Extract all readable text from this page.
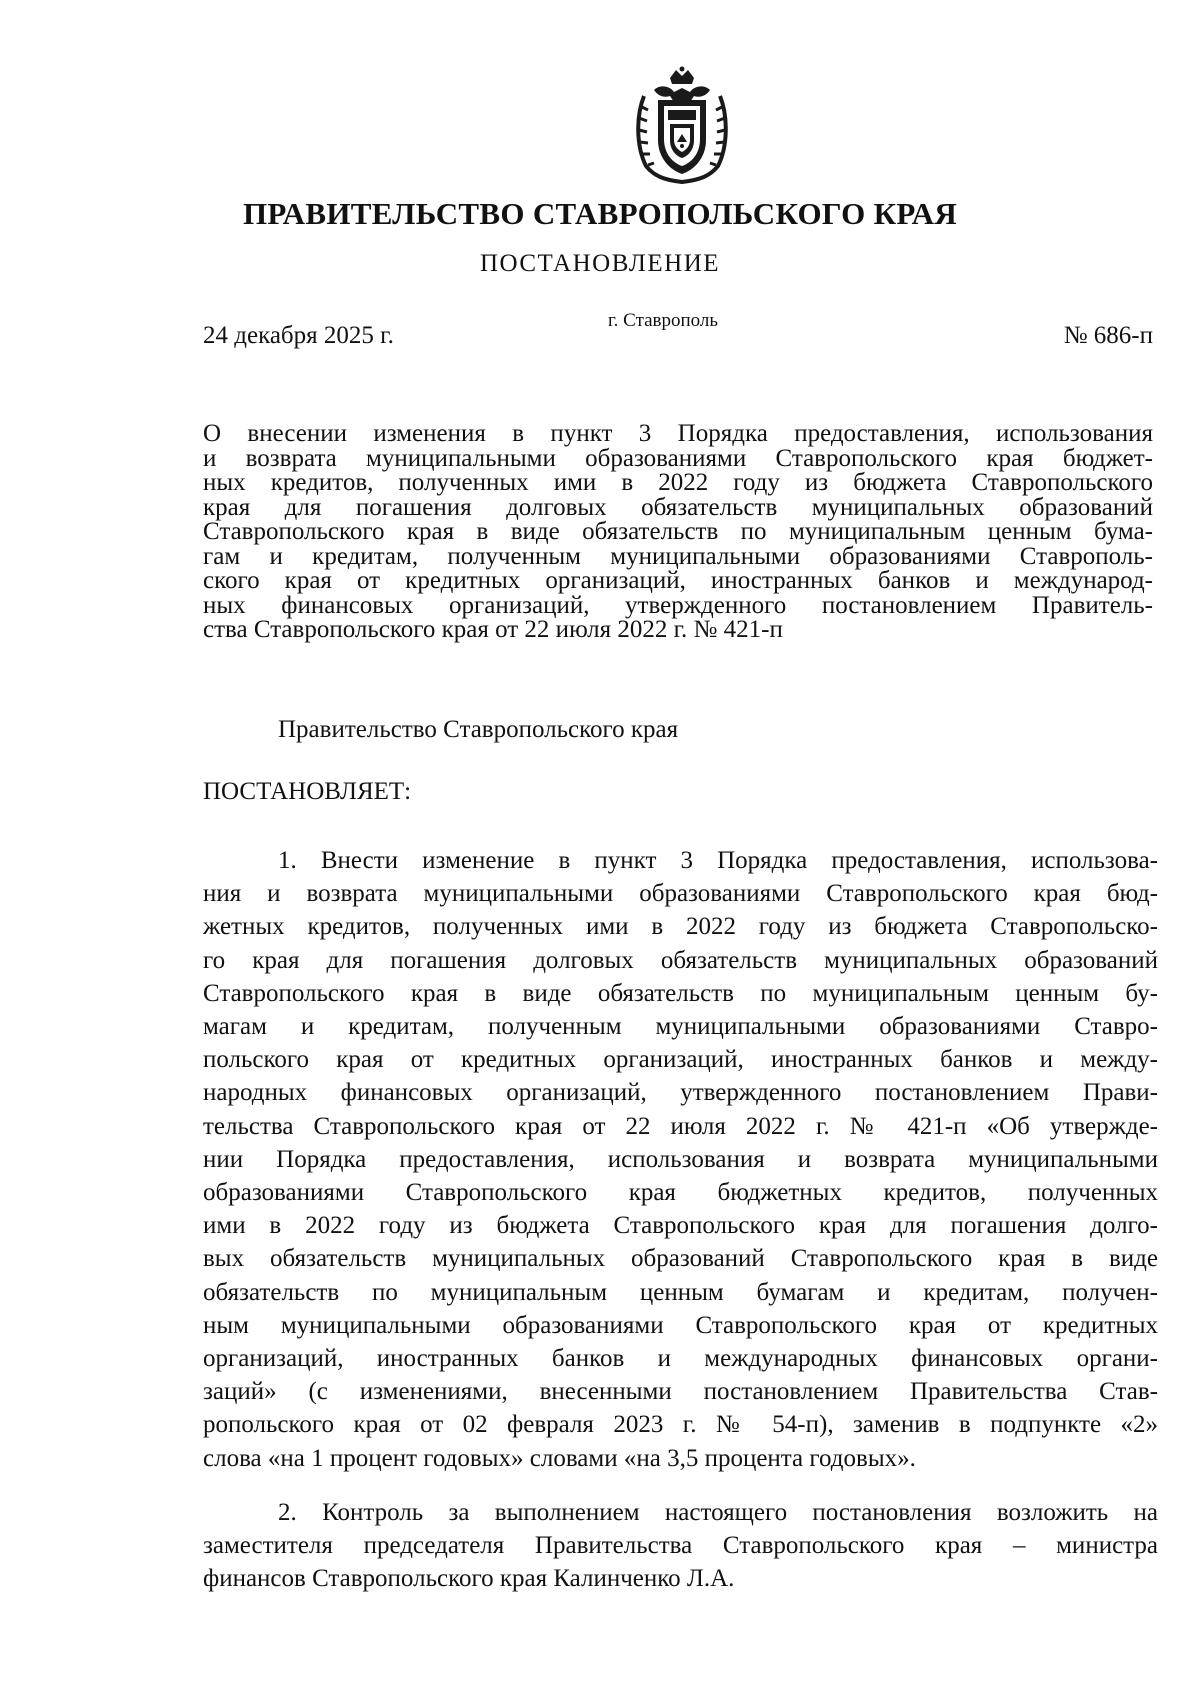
ПРАВИТЕЛЬСТВО СТАВРОПОЛЬСКОГО КРАЯ
ПОСТАНОВЛЕНИЕ
24 декабря 2025 г.
г. Ставрополь
№ 686-п
О внесении изменения в пункт 3 Порядка предоставления, использования
и возврата муниципальными образованиями Ставропольского края бюджет-
ных кредитов, полученных ими в 2022 году из бюджета Ставропольского
края для погашения долговых обязательств муниципальных образований
Ставропольского края в виде обязательств по муниципальным ценным бума-
гам и кредитам, полученным муниципальными образованиями Ставрополь-
ского края от кредитных организаций, иностранных банков и международ-
ных финансовых организаций, утвержденного постановлением Правитель-
ства Ставропольского края от 22 июля 2022 г. № 421-п
Правительство Ставропольского края
ПОСТАНОВЛЯЕТ:
1. Внести изменение в пункт 3 Порядка предоставления, использова-
ния и возврата муниципальными образованиями Ставропольского края бюд-
жетных кредитов, полученных ими в 2022 году из бюджета Ставропольско-
го края для погашения долговых обязательств муниципальных образований
Ставропольского края в виде обязательств по муниципальным ценным бу-
магам и кредитам, полученным муниципальными образованиями Ставро-
польского края от кредитных организаций, иностранных банков и между-
народных финансовых организаций, утвержденного постановлением Прави-
тельства Ставропольского края от 22 июля 2022 г. № 421-п «Об утвержде-
нии Порядка предоставления, использования и возврата муниципальными
образованиями Ставропольского края бюджетных кредитов, полученных
ими в 2022 году из бюджета Ставропольского края для погашения долго-
вых обязательств муниципальных образований Ставропольского края в виде
обязательств по муниципальным ценным бумагам и кредитам, получен-
ным муниципальными образованиями Ставропольского края от кредитных
организаций, иностранных банков и международных финансовых органи-
заций» (с изменениями, внесенными постановлением Правительства Став-
ропольского края от 02 февраля 2023 г. № 54-п), заменив в подпункте «2»
слова «на 1 процент годовых» словами «на 3,5 процента годовых».
2. Контроль за выполнением настоящего постановления возложить на
заместителя председателя Правительства Ставропольского края – министра
финансов Ставропольского края Калинченко Л.А.
